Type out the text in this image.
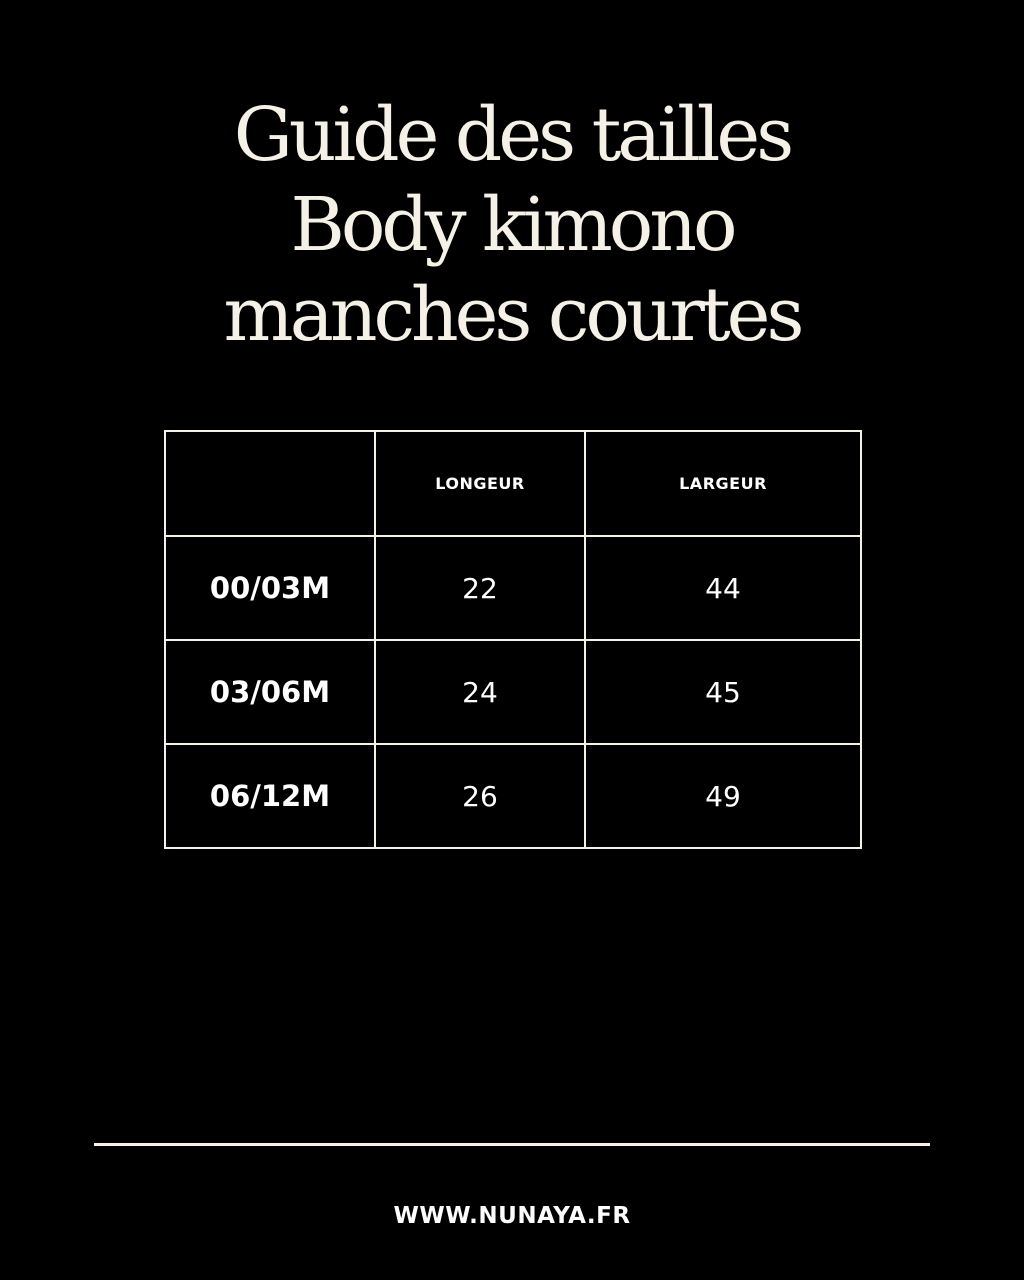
Guide des tailles
Body kimono
manches courtes
	LONGEUR	LARGEUR
00/03M	22	44
03/06M	24	45
06/12M	26	49
WWW.NUNAYA.FR
